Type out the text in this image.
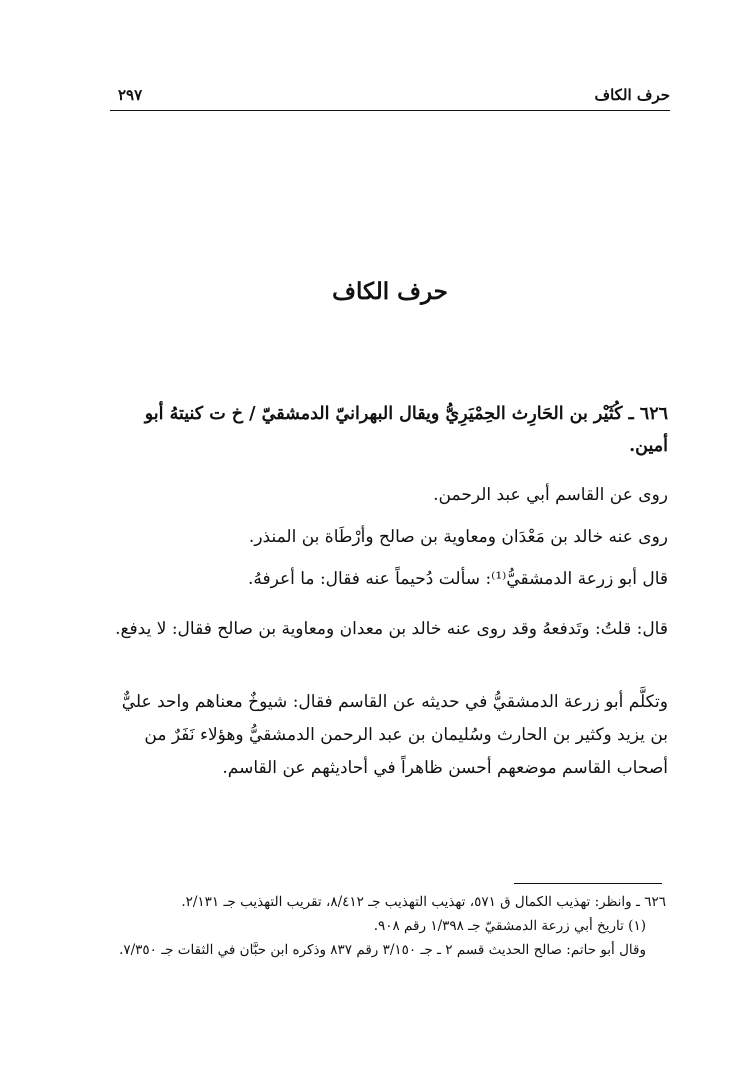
حرف الكاف
٢٩٧
حرف الكاف
٦٢٦ ـ كُثَيْر بن الحَارِث الحِمْيَرِيُّ ويقال البهرانيّ الدمشقيّ / خ ت كنيتهُ أبو أمين.
روى عن القاسم أبي عبد الرحمن.
روى عنه خالد بن مَعْدَان ومعاوية بن صالح وأرْطَاة بن المنذر.
قال أبو زرعة الدمشقيُّ⁽¹⁾: سألت دُحيماً عنه فقال: ما أعرفهُ.
قال: قلتُ: وتَدفعهُ وقد روى عنه خالد بن معدان ومعاوية بن صالح فقال: لا يدفع.
وتكلَّم أبو زرعة الدمشقيُّ في حديثه عن القاسم فقال: شيوخٌ معناهم واحد عليٌّ بن يزيد وكثير بن الحارث وسُليمان بن عبد الرحمن الدمشقيُّ وهؤلاء نَفَرٌ من أصحاب القاسم موضعهم أحسن ظاهراً في أحاديثهم عن القاسم.

٦٢٦ ـ وانظر: تهذيب الكمال ق ٥٧١، تهذيب التهذيب جـ ٨/٤١٢، تقريب التهذيب جـ ٢/١٣١.

(١) تاريخ أبي زرعة الدمشقيّ جـ ١/٣٩٨ رقم ٩٠٨.

وقال أبو حاتم: صالح الحديث قسم ٢ ـ جـ ٣/١٥٠ رقم ٨٣٧ وذكره ابن حبَّان في الثقات جـ ٧/٣٥٠.
